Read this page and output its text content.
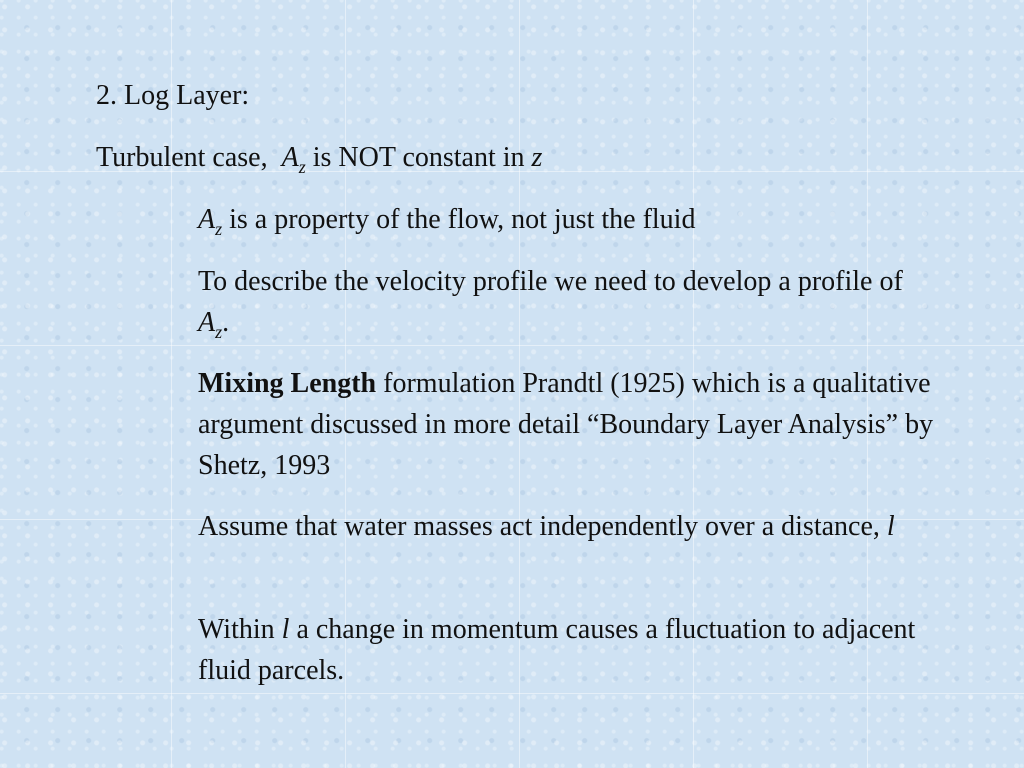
2. Log Layer:
Turbulent case, $A_z$ is NOT constant in z
$A_z$ is a property of the flow, not just the fluid
To describe the velocity profile we need to develop a profile of $A_z$.
Mixing Length formulation Prandtl (1925) which is a qualitative argument discussed in more detail “Boundary Layer Analysis” by Shetz, 1993
Assume that water masses act independently over a distance, l
Within l a change in momentum causes a fluctuation to adjacent fluid parcels.
